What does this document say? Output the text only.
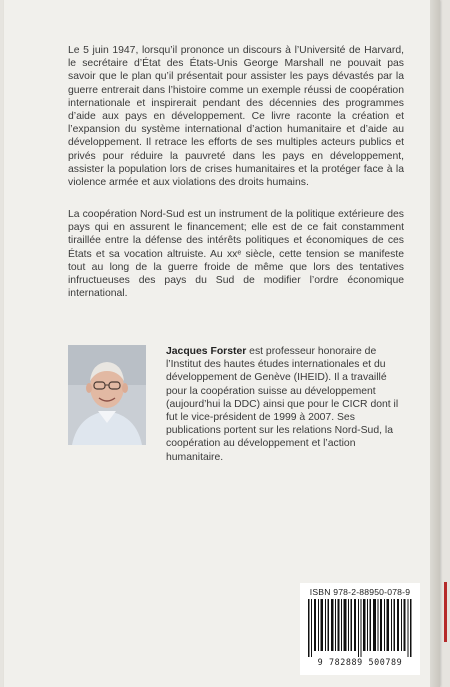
Le 5 juin 1947, lorsqu’il prononce un discours à l’Université de Harvard, le secrétaire d’État des États-Unis George Marshall ne pouvait pas savoir que le plan qu’il présentait pour assister les pays dévastés par la guerre entrerait dans l’histoire comme un exemple réussi de coopération internationale et inspirerait pendant des décennies des programmes d’aide aux pays en développement. Ce livre raconte la création et l’expansion du système international d’action humanitaire et d’aide au développement. Il retrace les efforts de ses multiples acteurs publics et privés pour réduire la pauvreté dans les pays en développement, assister la population lors de crises humanitaires et la protéger face à la violence armée et aux violations des droits humains.

La coopération Nord-Sud est un instrument de la politique extérieure des pays qui en assurent le financement; elle est de ce fait constamment tiraillée entre la défense des intérêts politiques et économiques de ces États et sa vocation altruiste. Au xxᵉ siècle, cette tension se manifeste tout au long de la guerre froide de même que lors des tentatives infructueuses des pays du Sud de modifier l’ordre économique international.

Jacques Forster est professeur honoraire de l’Institut des hautes études internationales et du développement de Genève (IHEID). Il a travaillé pour la coopération suisse au développement (aujourd’hui la DDC) ainsi que pour le CICR dont il fut le vice-président de 1999 à 2007. Ses publications portent sur les relations Nord-Sud, la coopération au développement et l’action humanitaire.
ISBN 978-2-88950-078-9
9 782889 500789
